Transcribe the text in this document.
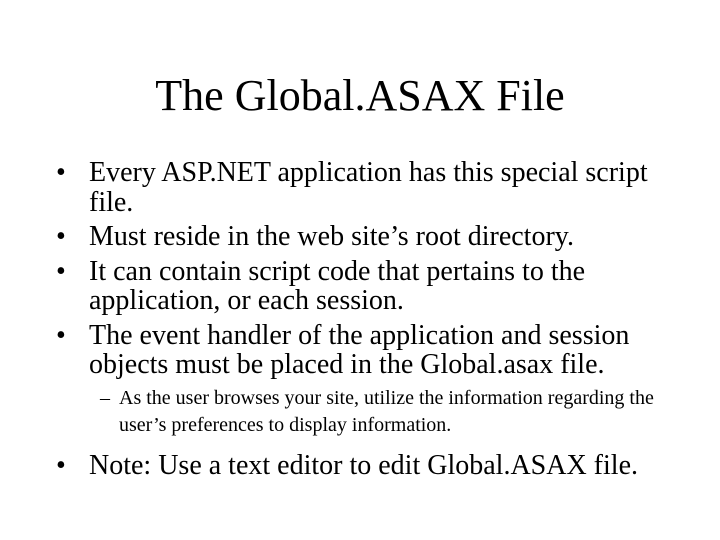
The Global.ASAX File
• Every ASP.NET application has this special script file.
• Must reside in the web site’s root directory.
• It can contain script code that pertains to the application, or each session.
• The event handler of the application and session objects must be placed in the Global.asax file.
– As the user browses your site, utilize the information regarding the user’s preferences to display information.
• Note: Use a text editor to edit Global.ASAX file.
